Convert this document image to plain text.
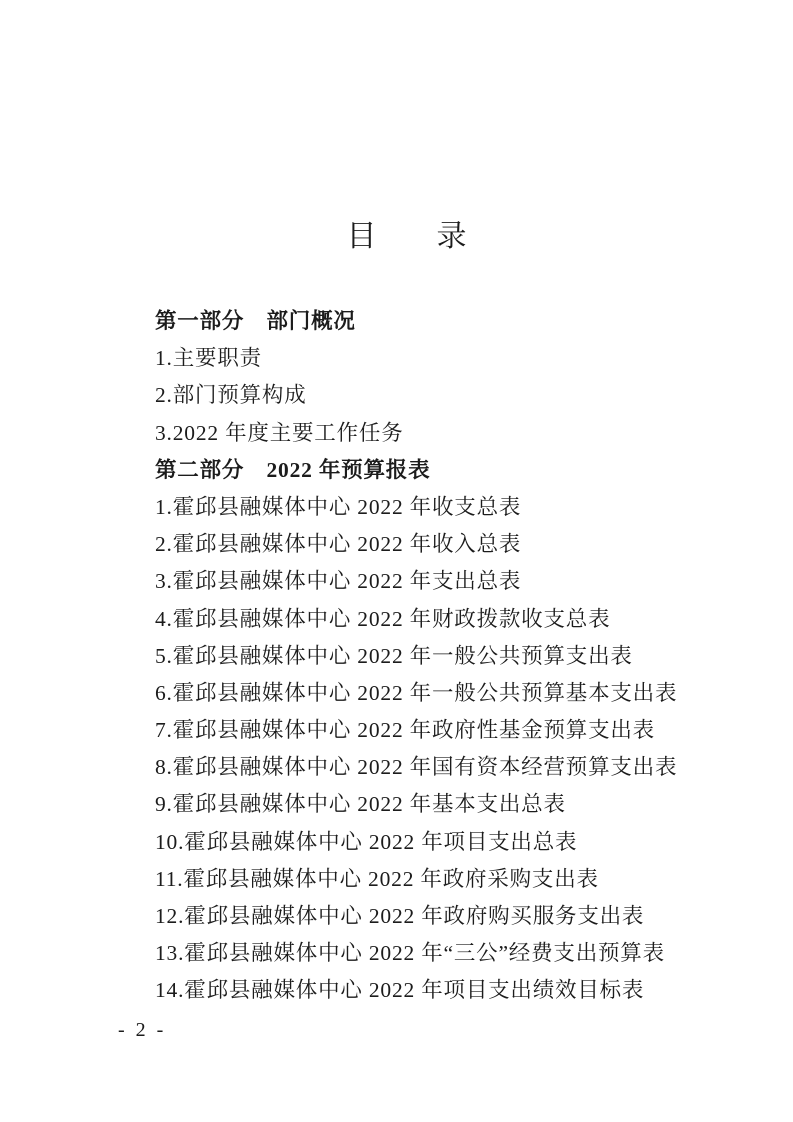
目 录
第一部分　部门概况
1.主要职责
2.部门预算构成
3.2022 年度主要工作任务
第二部分　2022 年预算报表
1.霍邱县融媒体中心 2022 年收支总表
2.霍邱县融媒体中心 2022 年收入总表
3.霍邱县融媒体中心 2022 年支出总表
4.霍邱县融媒体中心 2022 年财政拨款收支总表
5.霍邱县融媒体中心 2022 年一般公共预算支出表
6.霍邱县融媒体中心 2022 年一般公共预算基本支出表
7.霍邱县融媒体中心 2022 年政府性基金预算支出表
8.霍邱县融媒体中心 2022 年国有资本经营预算支出表
9.霍邱县融媒体中心 2022 年基本支出总表
10.霍邱县融媒体中心 2022 年项目支出总表
11.霍邱县融媒体中心 2022 年政府采购支出表
12.霍邱县融媒体中心 2022 年政府购买服务支出表
13.霍邱县融媒体中心 2022 年“三公”经费支出预算表
14.霍邱县融媒体中心 2022 年项目支出绩效目标表
- 2 -
